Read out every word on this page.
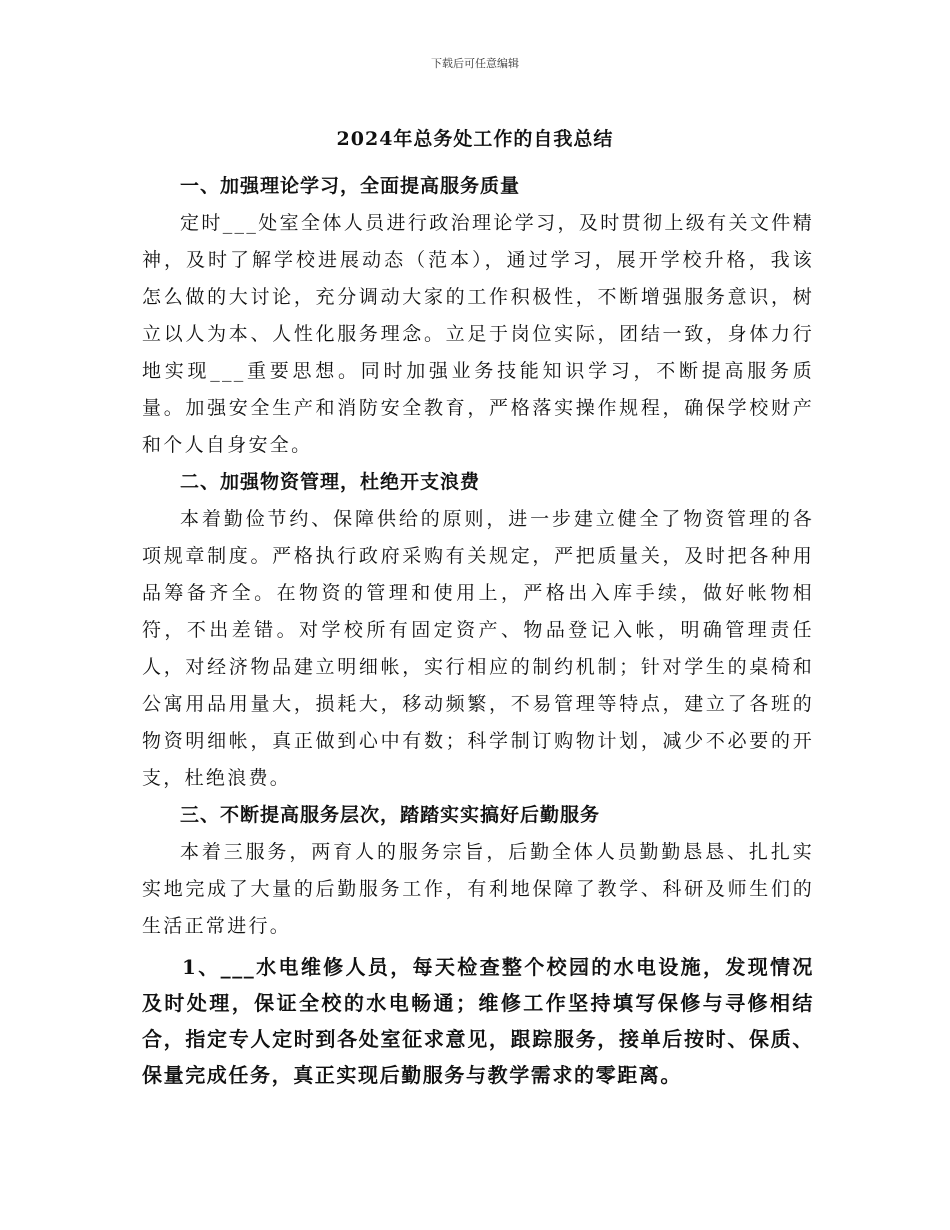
下载后可任意编辑
2024年总务处工作的自我总结

一、加强理论学习，全面提高服务质量

定时___处室全体人员进行政治理论学习，及时贯彻上级有关文件精神，及时了解学校进展动态（范本），通过学习，展开学校升格，我该怎么做的大讨论，充分调动大家的工作积极性，不断增强服务意识，树立以人为本、人性化服务理念。立足于岗位实际，团结一致，身体力行地实现___重要思想。同时加强业务技能知识学习，不断提高服务质量。加强安全生产和消防安全教育，严格落实操作规程，确保学校财产和个人自身安全。

二、加强物资管理，杜绝开支浪费

本着勤俭节约、保障供给的原则，进一步建立健全了物资管理的各项规章制度。严格执行政府采购有关规定，严把质量关，及时把各种用品筹备齐全。在物资的管理和使用上，严格出入库手续，做好帐物相符，不出差错。对学校所有固定资产、物品登记入帐，明确管理责任人，对经济物品建立明细帐，实行相应的制约机制；针对学生的桌椅和公寓用品用量大，损耗大，移动频繁，不易管理等特点，建立了各班的物资明细帐，真正做到心中有数；科学制订购物计划，减少不必要的开支，杜绝浪费。

三、不断提高服务层次，踏踏实实搞好后勤服务

本着三服务，两育人的服务宗旨，后勤全体人员勤勤恳恳、扎扎实实地完成了大量的后勤服务工作，有利地保障了教学、科研及师生们的生活正常进行。

1、___水电维修人员，每天检查整个校园的水电设施，发现情况及时处理，保证全校的水电畅通；维修工作坚持填写保修与寻修相结合，指定专人定时到各处室征求意见，跟踪服务，接单后按时、保质、保量完成任务，真正实现后勤服务与教学需求的零距离。
